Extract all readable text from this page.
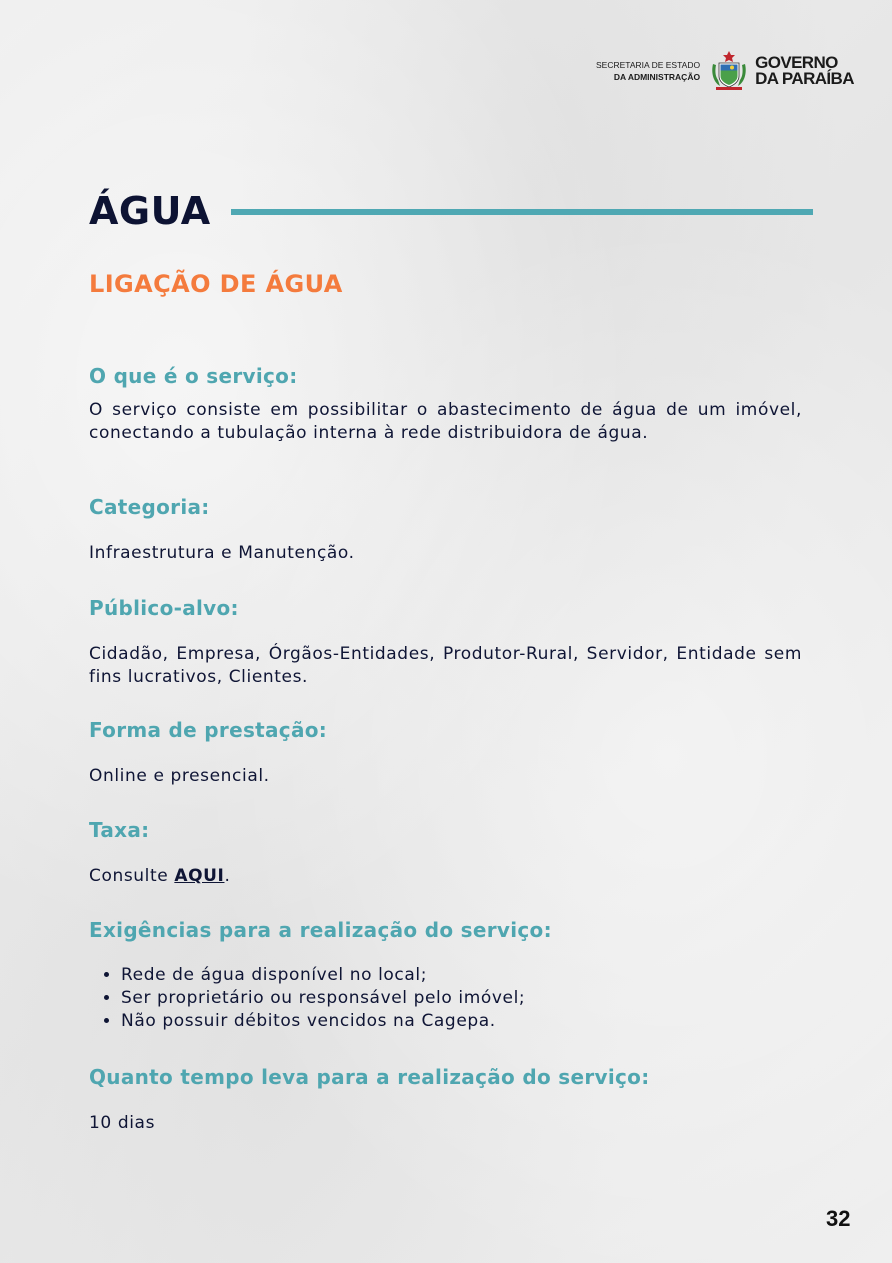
SECRETARIA DE ESTADO
DA ADMINISTRAÇÃO
GOVERNO
DA PARAÍBA
ÁGUA
LIGAÇÃO DE ÁGUA
O que é o serviço:

O serviço consiste em possibilitar o abastecimento de água de um imóvel, conectando a tubulação interna à rede distribuidora de água.

Categoria:

Infraestrutura e Manutenção.

Público-alvo:

Cidadão, Empresa, Órgãos-Entidades, Produtor-Rural, Servidor, Entidade sem fins lucrativos, Clientes.

Forma de prestação:

Online e presencial.

Taxa:

Consulte AQUI.

Exigências para a realização do serviço:
• Rede de água disponível no local;
• Ser proprietário ou responsável pelo imóvel;
• Não possuir débitos vencidos na Cagepa.
Quanto tempo leva para a realização do serviço:

10 dias

32
